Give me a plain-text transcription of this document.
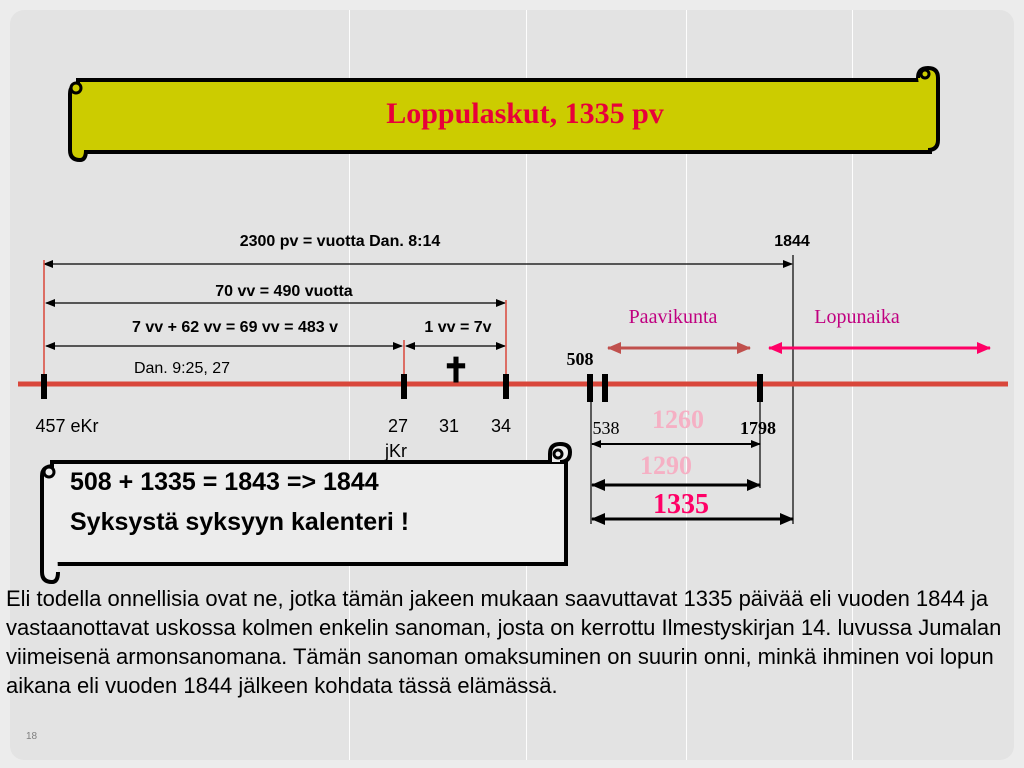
Loppulaskut, 1335 pv
2300 pv = vuotta Dan. 8:14	1844
70 vv = 490 vuotta
7 vv + 62 vv = 69 vv = 483 v	1 vv = 7v
Dan. 9:25, 27	✝
457 eKr	27
jKr
31 34
508
538	1798
Paavikunta	Lopunaika
1260
1290
1335
508 + 1335 = 1843 => 1844
Syksystä syksyyn kalenteri !

Eli todella onnellisia ovat ne, jotka tämän jakeen mukaan saavuttavat 1335 päivää eli vuoden 1844 ja vastaanottavat uskossa kolmen enkelin sanoman, josta on kerrottu Ilmestyskirjan 14. luvussa Jumalan viimeisenä armonsanomana. Tämän sanoman omaksuminen on suurin onni, minkä ihminen voi lopun aikana eli vuoden 1844 jälkeen kohdata tässä elämässä.

18
